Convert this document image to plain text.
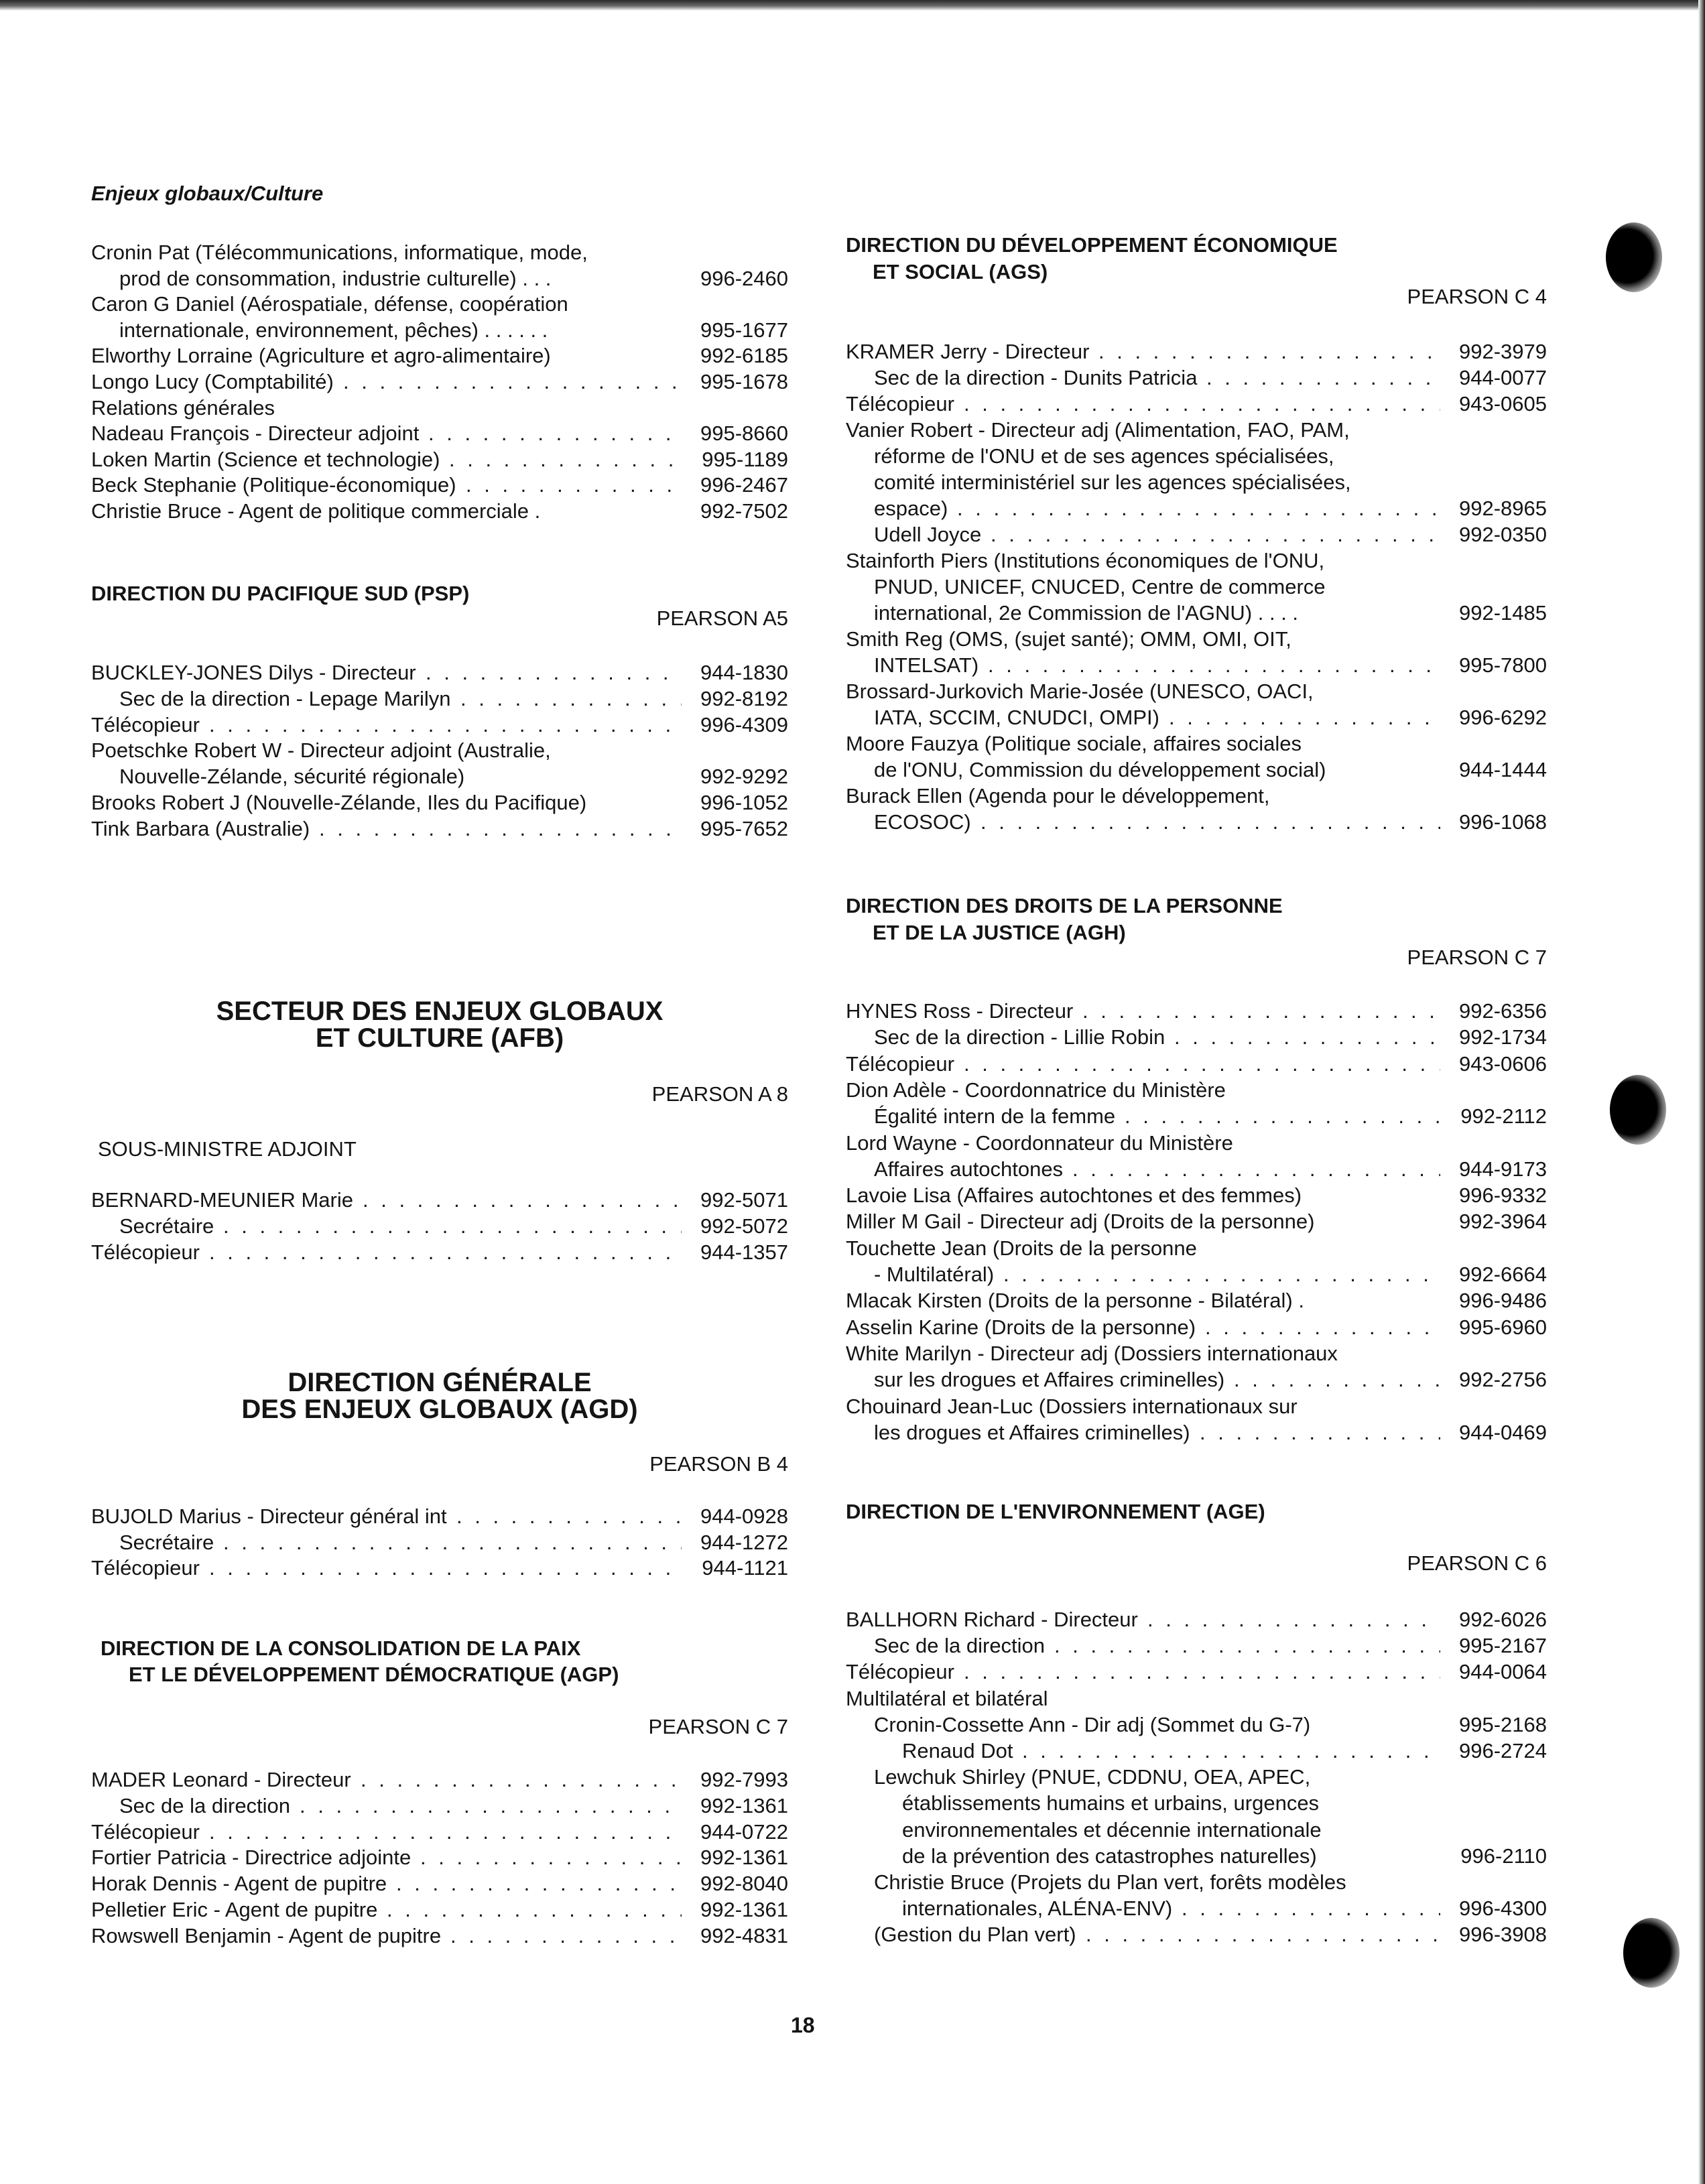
Enjeux globaux/Culture
Cronin Pat (Télécommunications, informatique, mode,
prod de consommation, industrie culturelle) . . .	996-2460
Caron G Daniel (Aérospatiale, défense, coopération
internationale, environnement, pêches) . . . . . .	995-1677
Elworthy Lorraine (Agriculture et agro-alimentaire)	992-6185
Longo Lucy (Comptabilité)	995-1678
. . .
Relations générales
Nadeau François - Directeur adjoint	995-8660
. . .
Loken Martin (Science et technologie)	995-1189
. . .
Beck Stephanie (Politique-économique)	996-2467
. . .
Christie Bruce - Agent de politique commerciale .	992-7502
DIRECTION DU PACIFIQUE SUD (PSP)
PEARSON A5
BUCKLEY-JONES Dilys - Directeur	944-1830
. . .
Sec de la direction - Lepage Marilyn	992-8192
. . .
Télécopieur	996-4309
. . .
Poetschke Robert W - Directeur adjoint (Australie,
Nouvelle-Zélande, sécurité régionale)	992-9292
Brooks Robert J (Nouvelle-Zélande, Iles du Pacifique)	996-1052
Tink Barbara (Australie)	995-7652
. . .
SECTEUR DES ENJEUX GLOBAUX
ET CULTURE (AFB)
PEARSON A 8
SOUS-MINISTRE ADJOINT
BERNARD-MEUNIER Marie	992-5071
. . .
Secrétaire	992-5072
. . .
Télécopieur	944-1357
. . .
DIRECTION GÉNÉRALE
DES ENJEUX GLOBAUX (AGD)
PEARSON B 4
BUJOLD Marius - Directeur général int	944-0928
. . .
Secrétaire	944-1272
. . .
Télécopieur	944-1121
. . .
DIRECTION DE LA CONSOLIDATION DE LA PAIX
ET LE DÉVELOPPEMENT DÉMOCRATIQUE (AGP)
PEARSON C 7
MADER Leonard - Directeur	992-7993
. . .
Sec de la direction	992-1361
. . .
Télécopieur	944-0722
. . .
Fortier Patricia - Directrice adjointe	992-1361
. . .
Horak Dennis - Agent de pupitre	992-8040
. . .
Pelletier Eric - Agent de pupitre	992-1361
. . .
Rowswell Benjamin - Agent de pupitre	992-4831
. . .
DIRECTION DU DÉVELOPPEMENT ÉCONOMIQUE
ET SOCIAL (AGS)
PEARSON C 4
KRAMER Jerry - Directeur	992-3979
. . .
Sec de la direction - Dunits Patricia	944-0077
. . .
Télécopieur	943-0605
. . .
Vanier Robert - Directeur adj (Alimentation, FAO, PAM,
réforme de l'ONU et de ses agences spécialisées,
comité interministériel sur les agences spécialisées,
espace)	992-8965
. . .
Udell Joyce	992-0350
. . .
Stainforth Piers (Institutions économiques de l'ONU,
PNUD, UNICEF, CNUCED, Centre de commerce
international, 2e Commission de l'AGNU) . . . .	992-1485
Smith Reg (OMS, (sujet santé); OMM, OMI, OIT,
INTELSAT)	995-7800
. . .
Brossard-Jurkovich Marie-Josée (UNESCO, OACI,
IATA, SCCIM, CNUDCI, OMPI)	996-6292
. . .
Moore Fauzya (Politique sociale, affaires sociales
de l'ONU, Commission du développement social)	944-1444
Burack Ellen (Agenda pour le développement,
ECOSOC)	996-1068
. . .
DIRECTION DES DROITS DE LA PERSONNE
ET DE LA JUSTICE (AGH)
PEARSON C 7
HYNES Ross - Directeur	992-6356
. . .
Sec de la direction - Lillie Robin	992-1734
. . .
Télécopieur	943-0606
. . .
Dion Adèle - Coordonnatrice du Ministère
Égalité intern de la femme	992-2112
. . .
Lord Wayne - Coordonnateur du Ministère
Affaires autochtones	944-9173
. . .
Lavoie Lisa (Affaires autochtones et des femmes)	996-9332
Miller M Gail - Directeur adj (Droits de la personne)	992-3964
Touchette Jean (Droits de la personne
- Multilatéral)	992-6664
. . .
Mlacak Kirsten (Droits de la personne - Bilatéral) .	996-9486
Asselin Karine (Droits de la personne)	995-6960
. . .
White Marilyn - Directeur adj (Dossiers internationaux
sur les drogues et Affaires criminelles)	992-2756
. . .
Chouinard Jean-Luc (Dossiers internationaux sur
les drogues et Affaires criminelles)	944-0469
. . .
DIRECTION DE L'ENVIRONNEMENT (AGE)
PEARSON C 6
BALLHORN Richard - Directeur	992-6026
. . .
Sec de la direction	995-2167
. . .
Télécopieur	944-0064
. . .
Multilatéral et bilatéral
Cronin-Cossette Ann - Dir adj (Sommet du G-7)	995-2168
Renaud Dot	996-2724
. . .
Lewchuk Shirley (PNUE, CDDNU, OEA, APEC,
établissements humains et urbains, urgences
environnementales et décennie internationale
de la prévention des catastrophes naturelles)	996-2110
Christie Bruce (Projets du Plan vert, forêts modèles
internationales, ALÉNA-ENV)	996-4300
. . .
(Gestion du Plan vert)	996-3908
. . .
18
